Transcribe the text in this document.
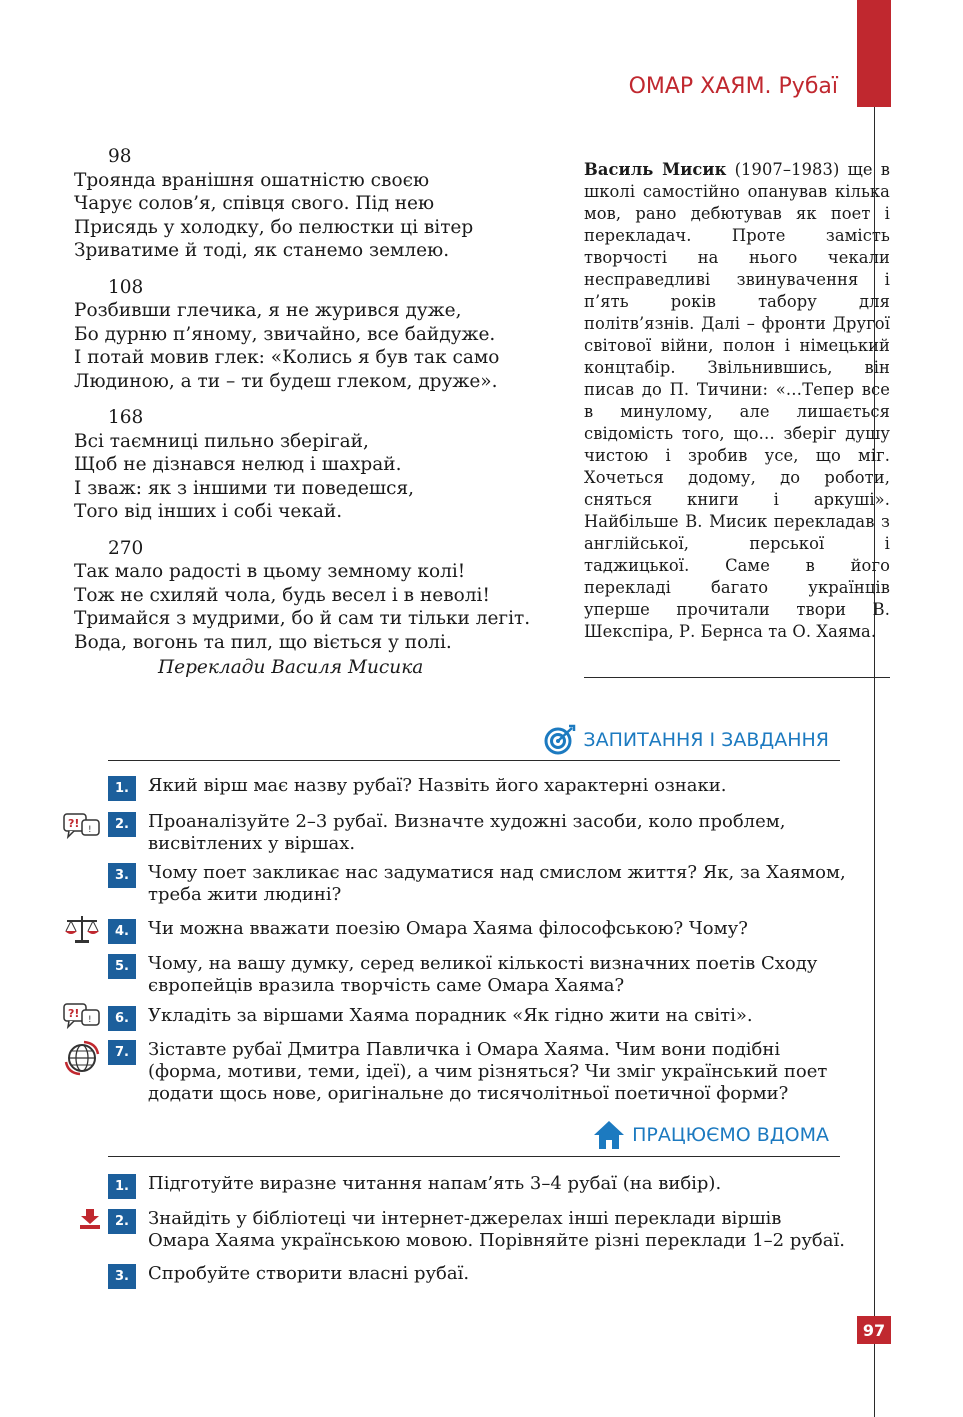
ОМАР ХАЯМ. Рубаї
98
Троянда вранішня ошатністю своєю
Чарує солов’я, співця свого. Під нею
Присядь у холодку, бо пелюстки ці вітер
Зриватиме й тоді, як станемо землею.
108
Розбивши глечика, я не журився дуже,
Бо дурню п’яному, звичайно, все байдуже.
І потай мовив глек: «Колись я був так само
Людиною, а ти – ти будеш глеком, друже».
168
Всі таємниці пильно зберігай,
Щоб не дізнався нелюд і шахрай.
І зваж: як з іншими ти поведешся,
Того від інших і собі чекай.
270
Так мало радості в цьому земному колі!
Тож не схиляй чола, будь весел і в неволі!
Тримайся з мудрими, бо й сам ти тільки легіт.
Вода, вогонь та пил, що віється у полі.
Переклади Василя Мисика
Василь Мисик (1907–1983) ще в школі самостійно опанував кілька мов, рано дебютував як поет і перекладач. Проте замість творчості на нього чекали несправедливі звинувачення і п’ять років табору для політв’язнів. Далі – фронти Другої світової війни, полон і німецький концтабір. Звільнившись, він писав до П. Тичини: «…Тепер все в минулому, але лишається свідомість того, що… зберіг душу чистою і зробив усе, що міг. Хочеться додому, до роботи, сняться книги і аркуші». Найбільше В. Мисик перекладав з англійської, перської і таджицької. Саме в його перекладі багато українців уперше прочитали твори В. Шекспіра, Р. Бернса та О. Хаяма.
ЗАПИТАННЯ І ЗАВДАННЯ
1.	Який вірш має назву рубаї? Назвіть його характерні ознаки.
?! !	2.	Проаналізуйте 2–3 рубаї. Визначте художні засоби, коло проблем, висвітлених у віршах.
3.	Чому поет закликає нас задуматися над смислом життя? Як, за Хаямом, треба жити людині?
4.	Чи можна вважати поезію Омара Хаяма філософською? Чому?
5.	Чому, на вашу думку, серед великої кількості визначних поетів Сходу європейців вразила творчість саме Омара Хаяма?
?! !	6.	Укладіть за віршами Хаяма порадник «Як гідно жити на світі».
7.	Зіставте рубаї Дмитра Павличка і Омара Хаяма. Чим вони подібні (форма, мотиви, теми, ідеї), а чим різняться? Чи зміг український поет додати щось нове, оригінальне до тисячолітньої поетичної форми?
ПРАЦЮЄМО ВДОМА
1.	Підготуйте виразне читання напам’ять 3–4 рубаї (на вибір).
2.	Знайдіть у бібліотеці чи інтернет-джерелах інші переклади віршів Омара Хаяма українською мовою. Порівняйте різні переклади 1–2 рубаї.
3.	Спробуйте створити власні рубаї.
97
